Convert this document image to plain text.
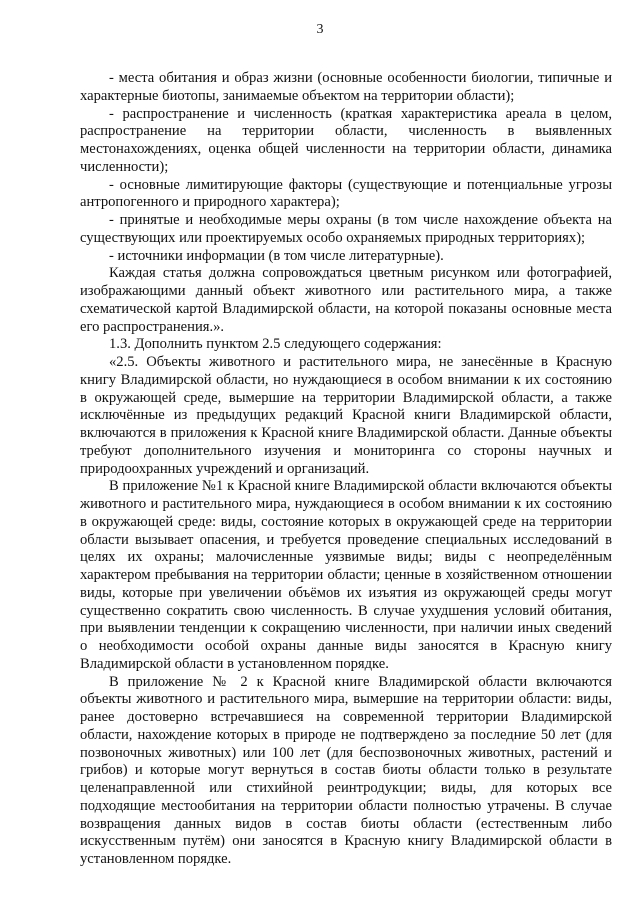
3

- места обитания и образ жизни (основные особенности биологии, типичные и характерные биотопы, занимаемые объектом на территории области);

- распространение и численность (краткая характеристика ареала в целом, распространение на территории области, численность в выявленных местонахождениях, оценка общей численности на территории области, динамика численности);

- основные лимитирующие факторы (существующие и потенциальные угрозы антропогенного и природного характера);

- принятые и необходимые меры охраны (в том числе нахождение объекта на существующих или проектируемых особо охраняемых природных территориях);

- источники информации (в том числе литературные).

Каждая статья должна сопровождаться цветным рисунком или фотографией, изображающими данный объект животного или растительного мира, а также схематической картой Владимирской области, на которой показаны основные места его распространения.».

1.3. Дополнить пунктом 2.5 следующего содержания:

«2.5. Объекты животного и растительного мира, не занесённые в Красную книгу Владимирской области, но нуждающиеся в особом внимании к их состоянию в окружающей среде, вымершие на территории Владимирской области, а также исключённые из предыдущих редакций Красной книги Владимирской области, включаются в приложения к Красной книге Владимирской области. Данные объекты требуют дополнительного изучения и мониторинга со стороны научных и природоохранных учреждений и организаций.

В приложение №1 к Красной книге Владимирской области включаются объекты животного и растительного мира, нуждающиеся в особом внимании к их состоянию в окружающей среде: виды, состояние которых в окружающей среде на территории области вызывает опасения, и требуется проведение специальных исследований в целях их охраны; малочисленные уязвимые виды; виды с неопределённым характером пребывания на территории области; ценные в хозяйственном отношении виды, которые при увеличении объёмов их изъятия из окружающей среды могут существенно сократить свою численность. В случае ухудшения условий обитания, при выявлении тенденции к сокращению численности, при наличии иных сведений о необходимости особой охраны данные виды заносятся в Красную книгу Владимирской области в установленном порядке.

В приложение № 2 к Красной книге Владимирской области включаются объекты животного и растительного мира, вымершие на территории области: виды, ранее достоверно встречавшиеся на современной территории Владимирской области, нахождение которых в природе не подтверждено за последние 50 лет (для позвоночных животных) или 100 лет (для беспозвоночных животных, растений и грибов) и которые могут вернуться в состав биоты области только в результате целенаправленной или стихийной реинтродукции; виды, для которых все подходящие местообитания на территории области полностью утрачены. В случае возвращения данных видов в состав биоты области (естественным либо искусственным путём) они заносятся в Красную книгу Владимирской области в установленном порядке.
